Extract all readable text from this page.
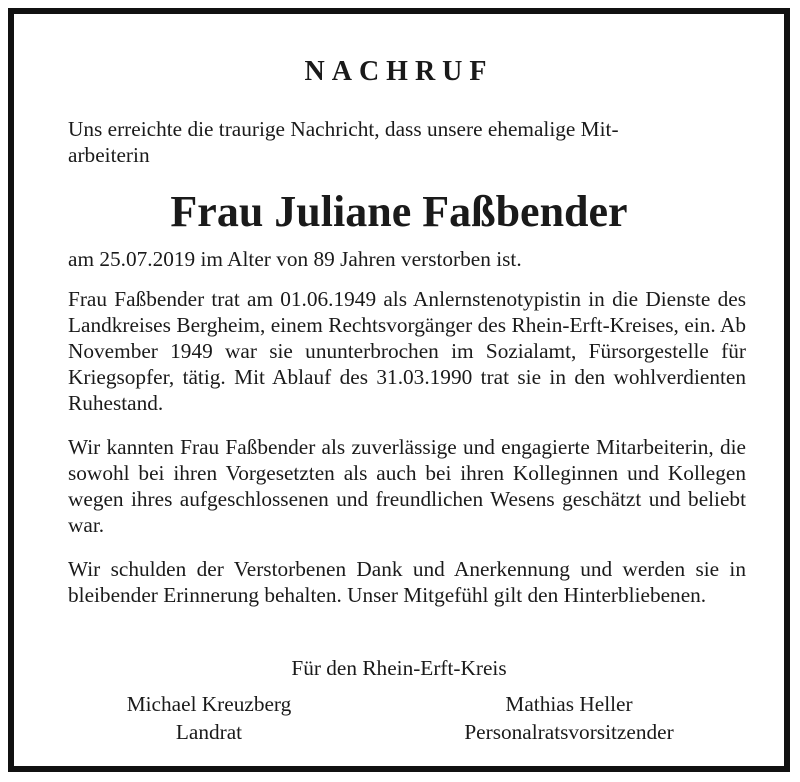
NACHRUF
Uns erreichte die traurige Nachricht, dass unsere ehemalige Mit-
arbeiterin
Frau Juliane Faßbender
am 25.07.2019 im Alter von 89 Jahren verstorben ist.
Frau Faßbender trat am 01.06.1949 als Anlernstenotypistin in die Dienste des Landkreises Bergheim, einem Rechtsvorgänger des Rhein-Erft-Kreises, ein. Ab November 1949 war sie ununterbrochen im Sozialamt, Fürsorgestelle für Kriegsopfer, tätig. Mit Ablauf des 31.03.1990 trat sie in den wohlverdienten Ruhestand.
Wir kannten Frau Faßbender als zuverlässige und engagierte Mitarbeiterin, die sowohl bei ihren Vorgesetzten als auch bei ihren Kolleginnen und Kollegen wegen ihres aufgeschlossenen und freundlichen Wesens geschätzt und beliebt war.
Wir schulden der Verstorbenen Dank und Anerkennung und werden sie in bleibender Erinnerung behalten. Unser Mitgefühl gilt den Hinterbliebenen.
Für den Rhein-Erft-Kreis
Michael Kreuzberg
Landrat
Mathias Heller
Personalratsvorsitzender
